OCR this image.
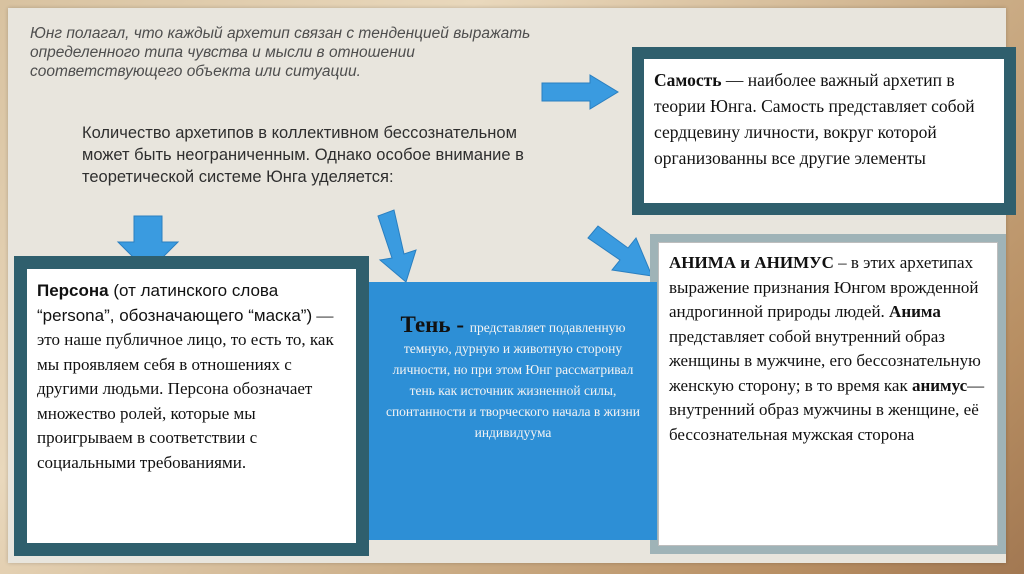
Юнг полагал, что каждый архетип связан с тенденцией выражать определенного типа чувства и мысли в отношении соответствующего объекта или ситуации.

Количество архетипов в коллективном бессознательном может быть неограниченным. Однако особое внимание в теоретической системе Юнга уделяется:

Самость — наиболее важный архетип в теории Юнга. Самость представляет собой сердцевину личности, вокруг которой организованны все другие элементы
АНИМА и АНИМУС – в этих архетипах выражение признания Юнгом врожденной андрогинной природы людей. Анима представляет собой внутренний образ женщины в мужчине, его бессознательную женскую сторону; в то время как анимус— внутренний образ мужчины в женщине, её бессознательная мужская сторона
Персона (от латинского слова “persona”, обозначающего “маска”) — это наше публичное лицо, то есть то, как мы проявляем себя в отношениях с другими людьми. Персона обозначает множество ролей, которые мы проигрываем в соответствии с социальными требованиями.
Тень - представляет подавленную темную, дурную и животную сторону личности, но при этом Юнг рассматривал тень как источник жизненной силы, спонтанности и творческого начала в жизни индивидуума
